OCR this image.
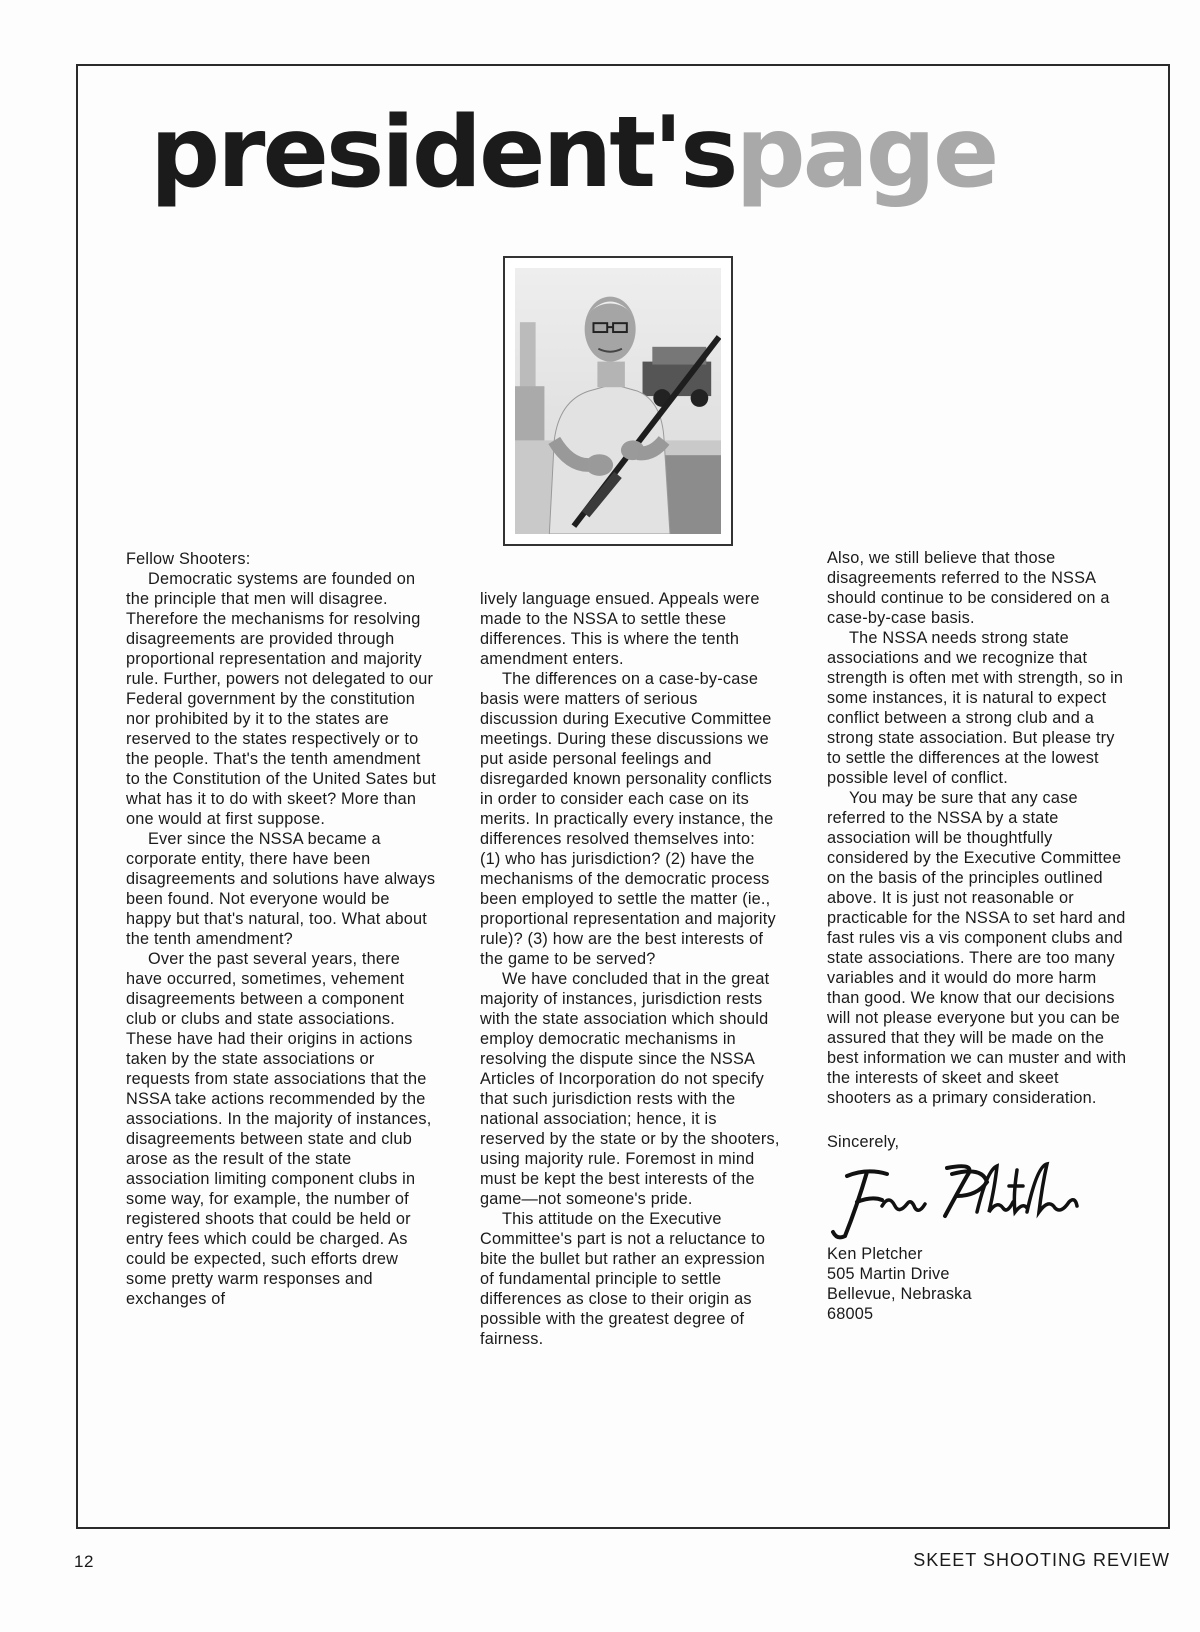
president'spage

Fellow Shooters:

Democratic systems are founded on the principle that men will disagree. Therefore the mechanisms for resolving disagreements are provided through proportional representation and majority rule. Further, powers not delegated to our Federal government by the constitution nor prohibited by it to the states are reserved to the states respectively or to the people. That's the tenth amendment to the Constitution of the United Sates but what has it to do with skeet? More than one would at first suppose.

Ever since the NSSA became a corporate entity, there have been disagreements and solutions have always been found. Not everyone would be happy but that's natural, too. What about the tenth amendment?

Over the past several years, there have occurred, sometimes, vehement disagreements between a component club or clubs and state associations. These have had their origins in actions taken by the state associations or requests from state associations that the NSSA take actions recommended by the associations. In the majority of instances, disagreements between state and club arose as the result of the state association limiting component clubs in some way, for example, the number of registered shoots that could be held or entry fees which could be charged. As could be expected, such efforts drew some pretty warm responses and exchanges of

lively language ensued. Appeals were made to the NSSA to settle these differences. This is where the tenth amendment enters.

The differences on a case-by-case basis were matters of serious discussion during Executive Committee meetings. During these discussions we put aside personal feelings and disregarded known personality conflicts in order to consider each case on its merits. In practically every instance, the differences resolved themselves into: (1) who has jurisdiction? (2) have the mechanisms of the democratic process been employed to settle the matter (ie., proportional representation and majority rule)? (3) how are the best interests of the game to be served?

We have concluded that in the great majority of instances, jurisdiction rests with the state association which should employ democratic mechanisms in resolving the dispute since the NSSA Articles of Incorporation do not specify that such jurisdiction rests with the national association; hence, it is reserved by the state or by the shooters, using majority rule. Foremost in mind must be kept the best interests of the game—not someone's pride.

This attitude on the Executive Committee's part is not a reluctance to bite the bullet but rather an expression of fundamental principle to settle differences as close to their origin as possible with the greatest degree of fairness.

Also, we still believe that those disagreements referred to the NSSA should continue to be considered on a case-by-case basis.

The NSSA needs strong state associations and we recognize that strength is often met with strength, so in some instances, it is natural to expect conflict between a strong club and a strong state association. But please try to settle the differences at the lowest possible level of conflict.

You may be sure that any case referred to the NSSA by a state association will be thoughtfully considered by the Executive Committee on the basis of the principles outlined above. It is just not reasonable or practicable for the NSSA to set hard and fast rules vis a vis component clubs and state associations. There are too many variables and it would do more harm than good. We know that our decisions will not please everyone but you can be assured that they will be made on the best information we can muster and with the interests of skeet and skeet shooters as a primary consideration.

Sincerely,

Ken Pletcher

505 Martin Drive

Bellevue, Nebraska

68005

12	SKEET SHOOTING REVIEW
